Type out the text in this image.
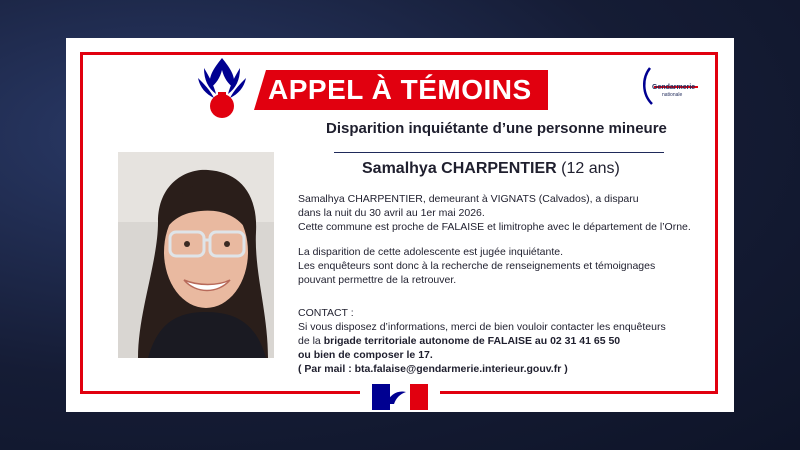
APPEL À TÉMOINS	Gendarmerie
nationale
Disparition inquiétante d’une personne mineure
Samalhya CHARPENTIER (12 ans)
Samalhya CHARPENTIER, demeurant à VIGNATS (Calvados), a disparu
dans la nuit du 30 avril au 1er mai 2026.
Cette commune est proche de FALAISE et limitrophe avec le département de l’Orne.
La disparition de cette adolescente est jugée inquiétante.
Les enquêteurs sont donc à la recherche de renseignements et témoignages
pouvant permettre de la retrouver.
CONTACT :
Si vous disposez d’informations, merci de bien vouloir contacter les enquêteurs
de la brigade territoriale autonome de FALAISE au 02 31 41 65 50
ou bien de composer le 17.
( Par mail : bta.falaise@gendarmerie.interieur.gouv.fr )
